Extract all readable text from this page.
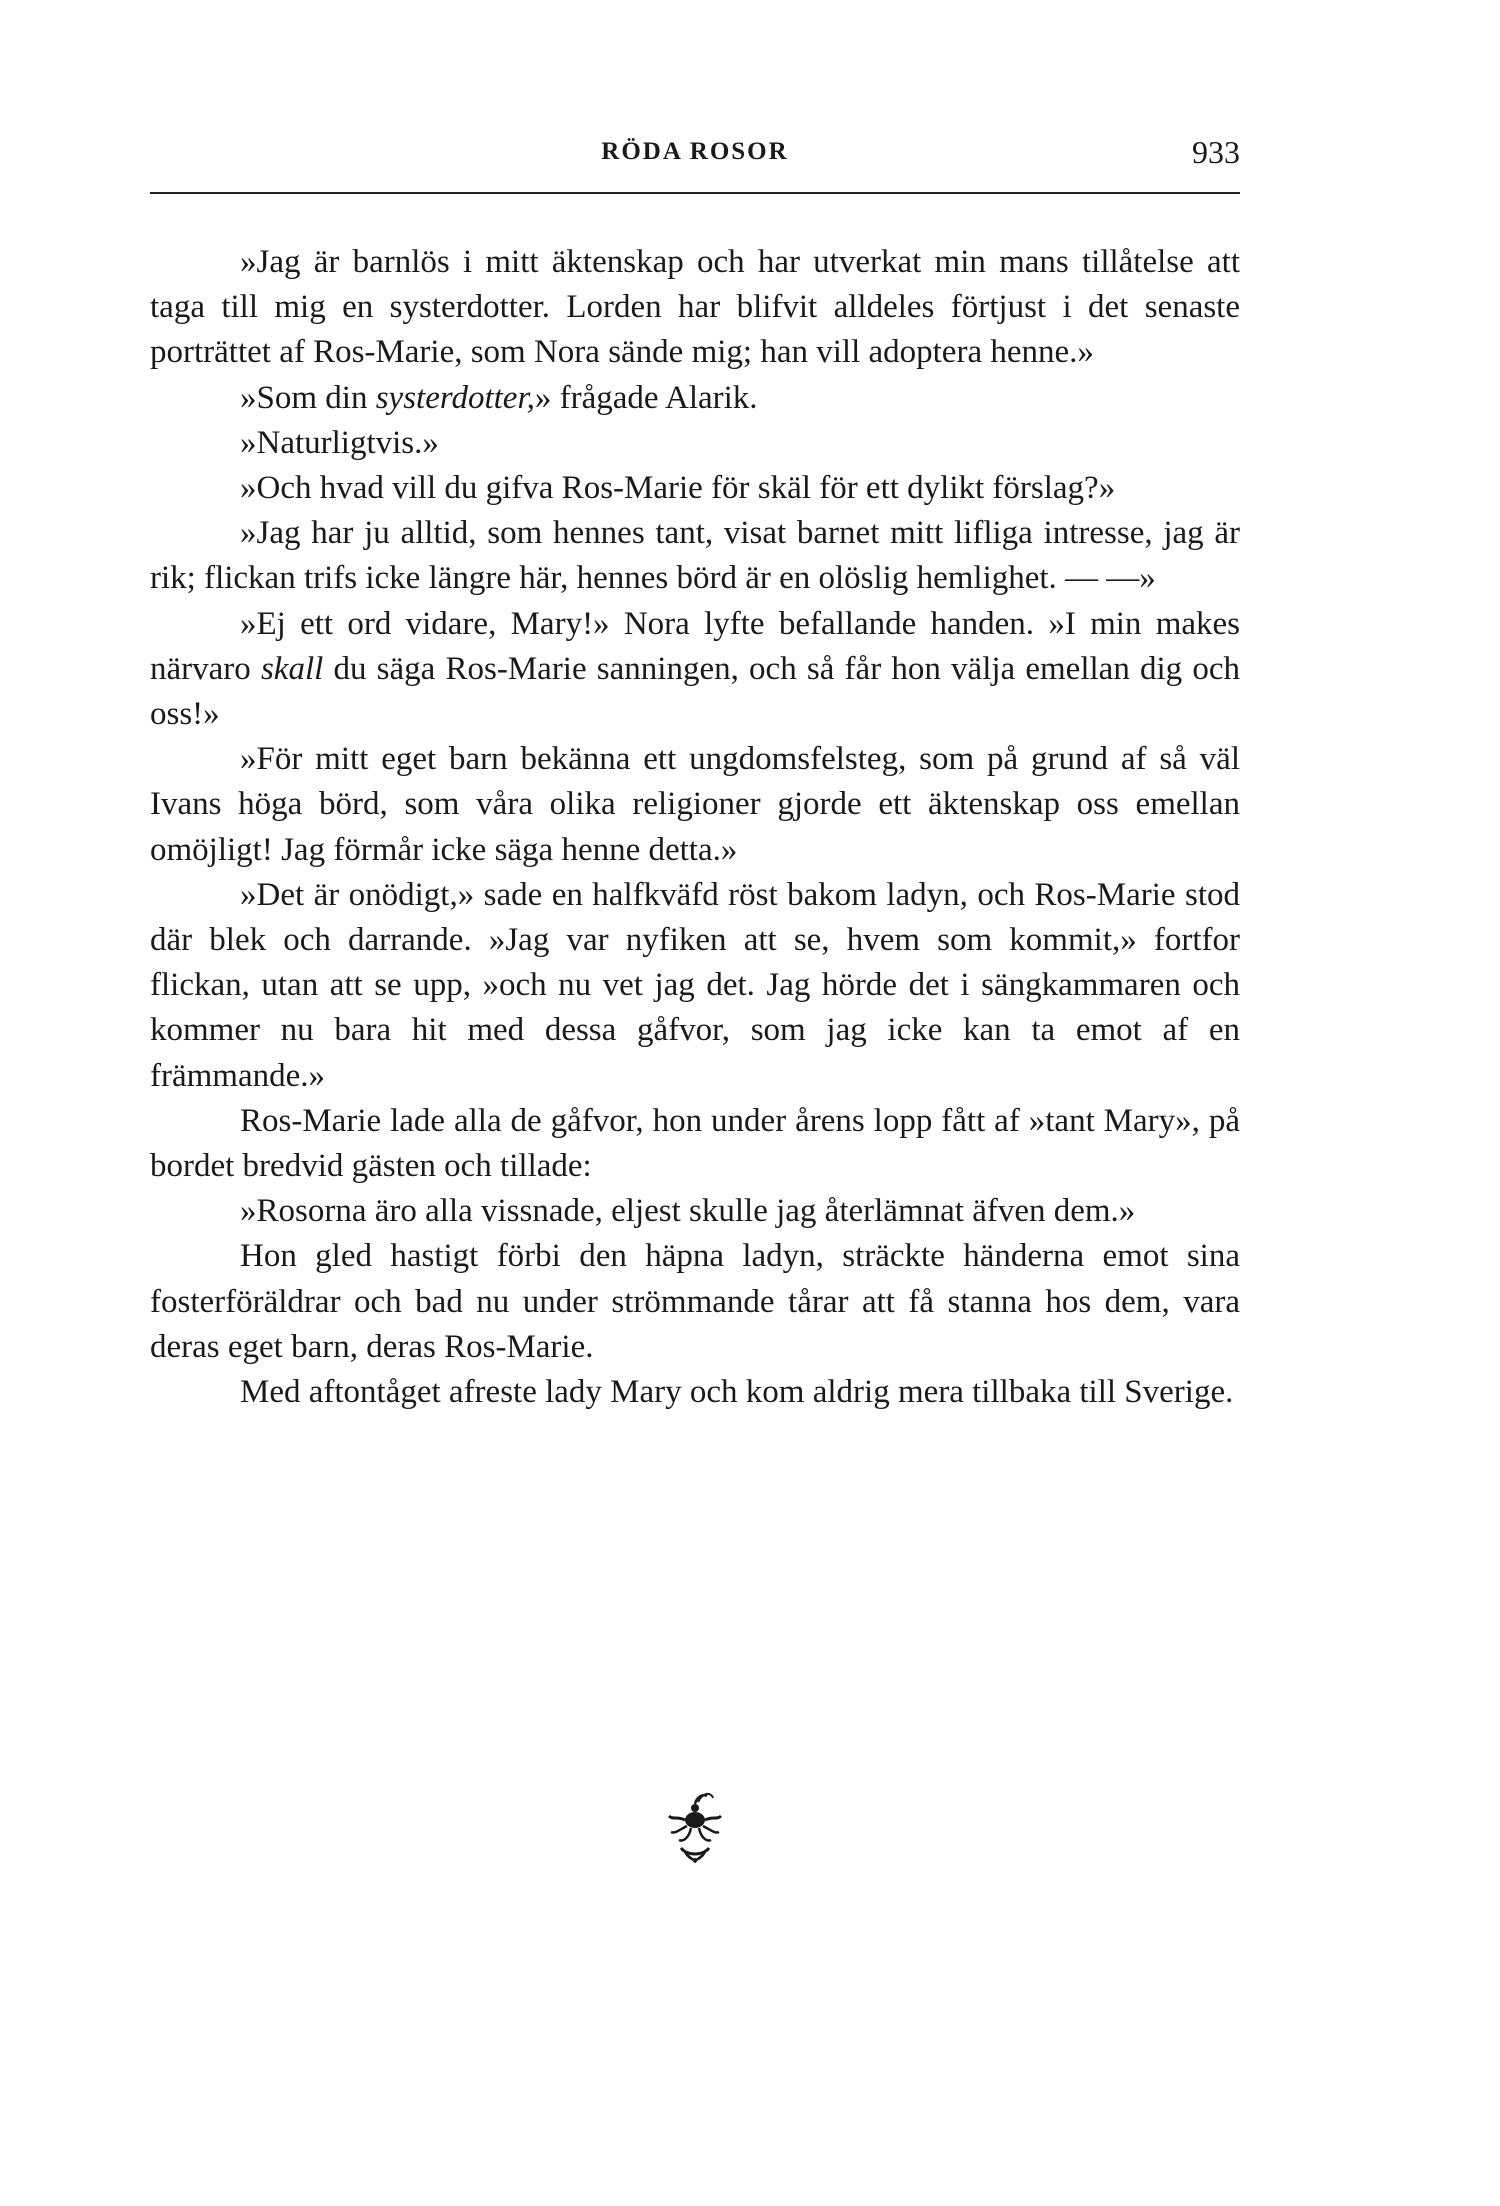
RÖDA ROSOR	933

»Jag är barnlös i mitt äktenskap och har utverkat min mans tillåtelse att taga till mig en systerdotter. Lorden har blifvit alldeles förtjust i det senaste porträttet af Ros-Marie, som Nora sände mig; han vill adoptera henne.»

»Som din systerdotter,» frågade Alarik.

»Naturligtvis.»

»Och hvad vill du gifva Ros-Marie för skäl för ett dylikt förslag?»

»Jag har ju alltid, som hennes tant, visat barnet mitt lifliga intresse, jag är rik; flickan trifs icke längre här, hennes börd är en olöslig hemlighet. — —»

»Ej ett ord vidare, Mary!» Nora lyfte befallande handen. »I min makes närvaro skall du säga Ros-Marie sanningen, och så får hon välja emellan dig och oss!»

»För mitt eget barn bekänna ett ungdomsfelsteg, som på grund af så väl Ivans höga börd, som våra olika religioner gjorde ett äktenskap oss emellan omöjligt! Jag förmår icke säga henne detta.»

»Det är onödigt,» sade en halfkväfd röst bakom ladyn, och Ros-Marie stod där blek och darrande. »Jag var nyfiken att se, hvem som kommit,» fortfor flickan, utan att se upp, »och nu vet jag det. Jag hörde det i sängkammaren och kommer nu bara hit med dessa gåfvor, som jag icke kan ta emot af en främmande.»

Ros-Marie lade alla de gåfvor, hon under årens lopp fått af »tant Mary», på bordet bredvid gästen och tillade:

»Rosorna äro alla vissnade, eljest skulle jag återlämnat äfven dem.»

Hon gled hastigt förbi den häpna ladyn, sträckte händerna emot sina fosterföräldrar och bad nu under strömmande tårar att få stanna hos dem, vara deras eget barn, deras Ros-Marie.

Med aftontåget afreste lady Mary och kom aldrig mera tillbaka till Sverige.
